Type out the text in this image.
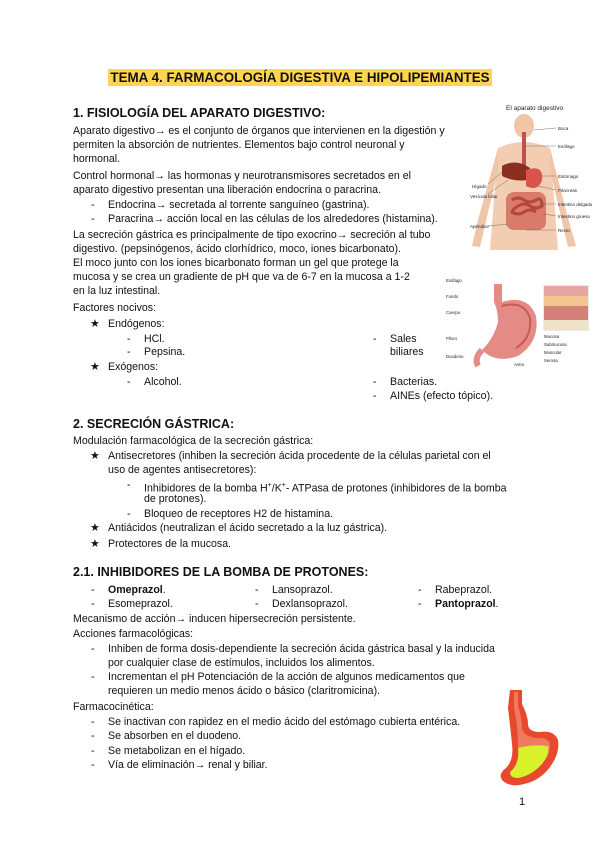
TEMA 4. FARMACOLOGÍA DIGESTIVA E HIPOLIPEMIANTES
1. FISIOLOGÍA DEL APARATO DIGESTIVO:
Aparato digestivo→ es el conjunto de órganos que intervienen en la digestión y
permiten la absorción de nutrientes. Elementos bajo control neuronal y
hormonal.
Control hormonal→ las hormonas y neurotransmisores secretados en el
aparato digestivo presentan una liberación endocrina o paracrina.
- Endocrina→ secretada al torrente sanguíneo (gastrina).
- Paracrina→ acción local en las células de los alrededores (histamina).
La secreción gástrica es principalmente de tipo exocrino→ secreción al tubo
digestivo. (pepsinógenos, ácido clorhídrico, moco, iones bicarbonato).
El moco junto con los iones bicarbonato forman un gel que protege la
mucosa y se crea un gradiente de pH que va de 6-7 en la mucosa a 1-2
en la luz intestinal.
Factores nocivos:
★ Endógenos:
- HCl.	- Sales
biliares
- Pepsina.
★ Exógenos:
- Alcohol.	- Bacterias.
- AINEs (efecto tópico).
2. SECRECIÓN GÁSTRICA:
Modulación farmacológica de la secreción gástrica:
★ Antisecretores (inhiben la secreción ácida procedente de la células parietal con el
uso de agentes antisecretores):
- Inhibidores de la bomba H+/K+- ATPasa de protones (inhibidores de la bomba
de protones).
- Bloqueo de receptores H2 de histamina.
★ Antiácidos (neutralizan el ácido secretado a la luz gástrica).
★ Protectores de la mucosa.
2.1. INHIBIDORES DE LA BOMBA DE PROTONES:
- Omeprazol.	- Lansoprazol.	- Rabeprazol.
- Esomeprazol.	- Dexlansoprazol.	- Pantoprazol.
Mecanismo de acción→ inducen hipersecreción persistente.
Acciones farmacológicas:
- Inhiben de forma dosis-dependiente la secreción ácida gástrica basal y la inducida
por cualquier clase de estímulos, incluidos los alimentos.
- Incrementan el pH Potenciación de la acción de algunos medicamentos que
requieren un medio menos ácido o básico (claritromicina).
Farmacocinética:
- Se inactivan con rapidez en el medio ácido del estómago cubierta entérica.
- Se absorben en el duodeno.
- Se metabolizan en el hígado.
- Vía de eliminación→ renal y biliar.
1
El aparato digestivo
Boca
Esófago
Hígado
Estómago
Páncreas
Vesícula biliar
Intestino delgado
Intestino grueso
Apéndice
Recto
Esófago
Fondo
Cuerpo
Píloro
Duodeno
Antro
Mucosa
Submucosa
Muscular
Serosa
